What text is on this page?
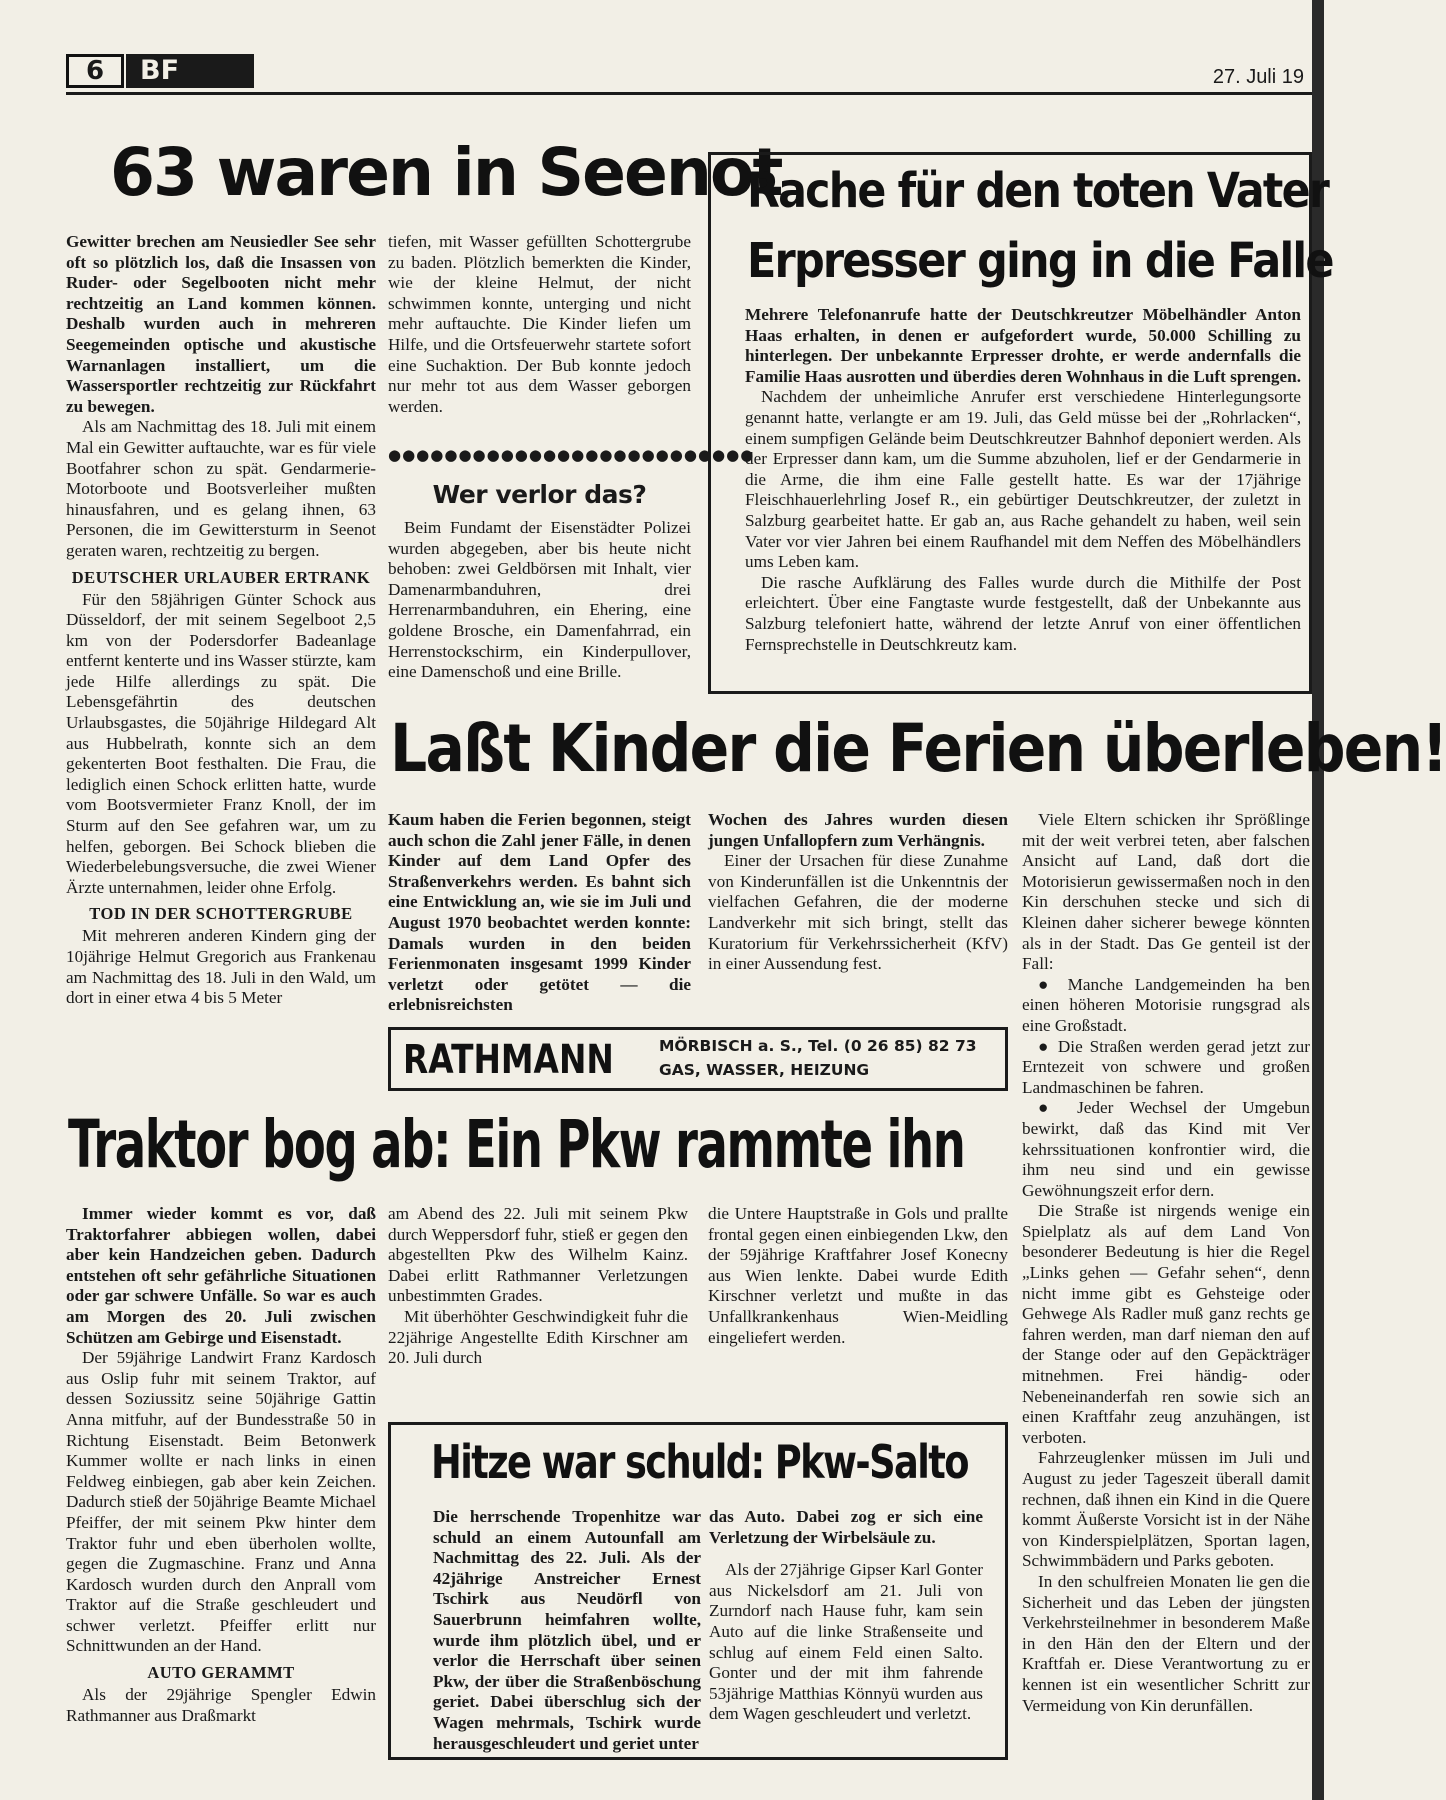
6	BF	27. Juli 19
63 waren in Seenot

Gewitter brechen am Neusiedler See sehr oft so plötzlich los, daß die Insassen von Ruder- oder Segelbooten nicht mehr rechtzeitig an Land kommen können. Deshalb wurden auch in mehreren Seegemeinden optische und akustische Warnanlagen installiert, um die Wassersportler rechtzeitig zur Rückfahrt zu bewegen.

Als am Nachmittag des 18. Juli mit einem Mal ein Gewitter auftauchte, war es für viele Bootfahrer schon zu spät. Gendarmerie-Motorboote und Bootsverleiher mußten hinausfahren, und es gelang ihnen, 63 Personen, die im Gewittersturm in Seenot geraten waren, rechtzeitig zu bergen.

DEUTSCHER URLAUBER ERTRANK

Für den 58jährigen Günter Schock aus Düsseldorf, der mit seinem Segelboot 2,5 km von der Podersdorfer Badeanlage entfernt kenterte und ins Wasser stürzte, kam jede Hilfe allerdings zu spät. Die Lebensgefährtin des deutschen Urlaubsgastes, die 50jährige Hildegard Alt aus Hubbelrath, konnte sich an dem gekenterten Boot festhalten. Die Frau, die lediglich einen Schock erlitten hatte, wurde vom Bootsvermieter Franz Knoll, der im Sturm auf den See gefahren war, um zu helfen, geborgen. Bei Schock blieben die Wiederbelebungsversuche, die zwei Wiener Ärzte unternahmen, leider ohne Erfolg.

TOD IN DER SCHOTTERGRUBE

Mit mehreren anderen Kindern ging der 10jährige Helmut Gregorich aus Frankenau am Nachmittag des 18. Juli in den Wald, um dort in einer etwa 4 bis 5 Meter

tiefen, mit Wasser gefüllten Schottergrube zu baden. Plötzlich bemerkten die Kinder, wie der kleine Helmut, der nicht schwimmen konnte, unterging und nicht mehr auftauchte. Die Kinder liefen um Hilfe, und die Ortsfeuerwehr startete sofort eine Suchaktion. Der Bub konnte jedoch nur mehr tot aus dem Wasser geborgen werden.

●●●●●●●●●●●●●●●●●●●●●●●●●●
Wer verlor das?

Beim Fundamt der Eisenstädter Polizei wurden abgegeben, aber bis heute nicht behoben: zwei Geldbörsen mit Inhalt, vier Damenarmbanduhren, drei Herrenarmbanduhren, ein Ehering, eine goldene Brosche, ein Damenfahrrad, ein Herrenstockschirm, ein Kinderpullover, eine Damenschoß und eine Brille.

Rache für den toten Vater
Erpresser ging in die Falle

Mehrere Telefonanrufe hatte der Deutschkreutzer Möbelhändler Anton Haas erhalten, in denen er aufgefordert wurde, 50.000 Schilling zu hinterlegen. Der unbekannte Erpresser drohte, er werde andernfalls die Familie Haas ausrotten und überdies deren Wohnhaus in die Luft sprengen.

Nachdem der unheimliche Anrufer erst verschiedene Hinterlegungsorte genannt hatte, verlangte er am 19. Juli, das Geld müsse bei der „Rohrlacken“, einem sumpfigen Gelände beim Deutschkreutzer Bahnhof deponiert werden. Als der Erpresser dann kam, um die Summe abzuholen, lief er der Gendarmerie in die Arme, die ihm eine Falle gestellt hatte. Es war der 17jährige Fleischhauerlehrling Josef R., ein gebürtiger Deutschkreutzer, der zuletzt in Salzburg gearbeitet hatte. Er gab an, aus Rache gehandelt zu haben, weil sein Vater vor vier Jahren bei einem Raufhandel mit dem Neffen des Möbelhändlers ums Leben kam.

Die rasche Aufklärung des Falles wurde durch die Mithilfe der Post erleichtert. Über eine Fangtaste wurde festgestellt, daß der Unbekannte aus Salzburg telefoniert hatte, während der letzte Anruf von einer öffentlichen Fernsprechstelle in Deutschkreutz kam.

Laßt Kinder die Ferien überleben!

Kaum haben die Ferien begonnen, steigt auch schon die Zahl jener Fälle, in denen Kinder auf dem Land Opfer des Straßenverkehrs werden. Es bahnt sich eine Entwicklung an, wie sie im Juli und August 1970 beobachtet werden konnte: Damals wurden in den beiden Ferienmonaten insgesamt 1999 Kinder verletzt oder getötet — die erlebnisreichsten

Wochen des Jahres wurden diesen jungen Unfallopfern zum Verhängnis.

Einer der Ursachen für diese Zunahme von Kinderunfällen ist die Unkenntnis der vielfachen Gefahren, die der moderne Landverkehr mit sich bringt, stellt das Kuratorium für Verkehrssicherheit (KfV) in einer Aussendung fest.

Viele Eltern schicken ihr Sprößlinge mit der weit verbrei teten, aber falschen Ansicht auf Land, daß dort die Motorisierun gewissermaßen noch in den Kin derschuhen stecke und sich di Kleinen daher sicherer bewege könnten als in der Stadt. Das Ge genteil ist der Fall:

● Manche Landgemeinden ha ben einen höheren Motorisie rungsgrad als eine Großstadt.

● Die Straßen werden gerad jetzt zur Erntezeit von schwere und großen Landmaschinen be fahren.

● Jeder Wechsel der Umgebun bewirkt, daß das Kind mit Ver kehrssituationen konfrontier wird, die ihm neu sind und ein gewisse Gewöhnungszeit erfor dern.

Die Straße ist nirgends wenige ein Spielplatz als auf dem Land Von besonderer Bedeutung is hier die Regel „Links gehen — Gefahr sehen“, denn nicht imme gibt es Gehsteige oder Gehwege Als Radler muß ganz rechts ge fahren werden, man darf nieman den auf der Stange oder auf den Gepäckträger mitnehmen. Frei händig- oder Nebeneinanderfah ren sowie sich an einen Kraftfahr zeug anzuhängen, ist verboten.

Fahrzeuglenker müssen im Juli und August zu jeder Tageszeit überall damit rechnen, daß ihnen ein Kind in die Quere kommt Äußerste Vorsicht ist in der Nähe von Kinderspielplätzen, Sportan lagen, Schwimmbädern und Parks geboten.

In den schulfreien Monaten lie gen die Sicherheit und das Leben der jüngsten Verkehrsteilnehmer in besonderem Maße in den Hän den der Eltern und der Kraftfah er. Diese Verantwortung zu er kennen ist ein wesentlicher Schritt zur Vermeidung von Kin derunfällen.

RATHMANN	MÖRBISCH a. S., Tel. (0 26 85) 82 73
GAS, WASSER, HEIZUNG
Traktor bog ab: Ein Pkw rammte ihn

Immer wieder kommt es vor, daß Traktorfahrer abbiegen wollen, dabei aber kein Handzeichen geben. Dadurch entstehen oft sehr gefährliche Situationen oder gar schwere Unfälle. So war es auch am Morgen des 20. Juli zwischen Schützen am Gebirge und Eisenstadt.

Der 59jährige Landwirt Franz Kardosch aus Oslip fuhr mit seinem Traktor, auf dessen Soziussitz seine 50jährige Gattin Anna mitfuhr, auf der Bundesstraße 50 in Richtung Eisenstadt. Beim Betonwerk Kummer wollte er nach links in einen Feldweg einbiegen, gab aber kein Zeichen. Dadurch stieß der 50jährige Beamte Michael Pfeiffer, der mit seinem Pkw hinter dem Traktor fuhr und eben überholen wollte, gegen die Zugmaschine. Franz und Anna Kardosch wurden durch den Anprall vom Traktor auf die Straße geschleudert und schwer verletzt. Pfeiffer erlitt nur Schnittwunden an der Hand.

AUTO GERAMMT

Als der 29jährige Spengler Edwin Rathmanner aus Draßmarkt

am Abend des 22. Juli mit seinem Pkw durch Weppersdorf fuhr, stieß er gegen den abgestellten Pkw des Wilhelm Kainz. Dabei erlitt Rathmanner Verletzungen unbestimmten Grades.

Mit überhöhter Geschwindigkeit fuhr die 22jährige Angestellte Edith Kirschner am 20. Juli durch

die Untere Hauptstraße in Gols und prallte frontal gegen einen einbiegenden Lkw, den der 59jährige Kraftfahrer Josef Konecny aus Wien lenkte. Dabei wurde Edith Kirschner verletzt und mußte in das Unfallkrankenhaus Wien-Meidling eingeliefert werden.

Hitze war schuld: Pkw-Salto

Die herrschende Tropenhitze war schuld an einem Autounfall am Nachmittag des 22. Juli. Als der 42jährige Anstreicher Ernest Tschirk aus Neudörfl von Sauerbrunn heimfahren wollte, wurde ihm plötzlich übel, und er verlor die Herrschaft über seinen Pkw, der über die Straßenböschung geriet. Dabei überschlug sich der Wagen mehrmals, Tschirk wurde herausgeschleudert und geriet unter

das Auto. Dabei zog er sich eine Verletzung der Wirbelsäule zu.

Als der 27jährige Gipser Karl Gonter aus Nickelsdorf am 21. Juli von Zurndorf nach Hause fuhr, kam sein Auto auf die linke Straßenseite und schlug auf einem Feld einen Salto. Gonter und der mit ihm fahrende 53jährige Matthias Könnyü wurden aus dem Wagen geschleudert und verletzt.
